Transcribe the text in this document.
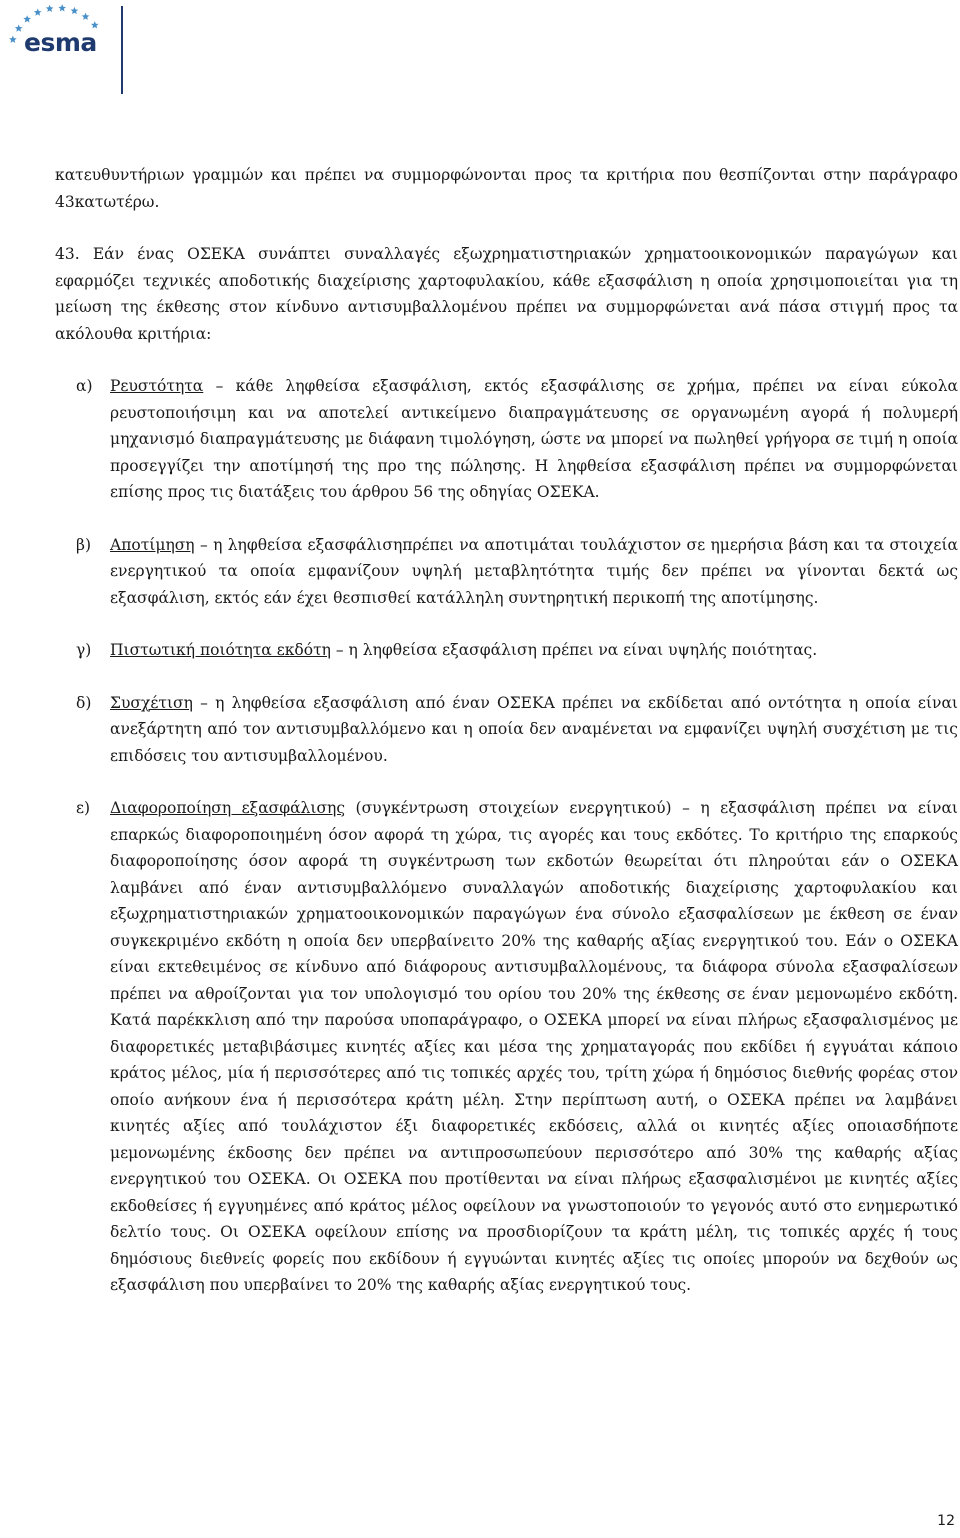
esma

κατευθυντήριων γραμμών και πρέπει να συμμορφώνονται προς τα κριτήρια που θεσπίζονται στην παράγραφο 43κατωτέρω.

43. Εάν ένας ΟΣΕΚΑ συνάπτει συναλλαγές εξωχρηματιστηριακών χρηματοοικονομικών παραγώγων και εφαρμόζει τεχνικές αποδοτικής διαχείρισης χαρτοφυλακίου, κάθε εξασφάλιση η οποία χρησιμοποιείται για τη μείωση της έκθεσης στον κίνδυνο αντισυμβαλλομένου πρέπει να συμμορφώνεται ανά πάσα στιγμή προς τα ακόλουθα κριτήρια:

α) Ρευστότητα – κάθε ληφθείσα εξασφάλιση, εκτός εξασφάλισης σε χρήμα, πρέπει να είναι εύκολα ρευστοποιήσιμη και να αποτελεί αντικείμενο διαπραγμάτευσης σε οργανωμένη αγορά ή πολυμερή μηχανισμό διαπραγμάτευσης με διάφανη τιμολόγηση, ώστε να μπορεί να πωληθεί γρήγορα σε τιμή η οποία προσεγγίζει την αποτίμησή της προ της πώλησης. Η ληφθείσα εξασφάλιση πρέπει να συμμορφώνεται επίσης προς τις διατάξεις του άρθρου 56 της οδηγίας ΟΣΕΚΑ.
β) Αποτίμηση – η ληφθείσα εξασφάλισηπρέπει να αποτιμάται τουλάχιστον σε ημερήσια βάση και τα στοιχεία ενεργητικού τα οποία εμφανίζουν υψηλή μεταβλητότητα τιμής δεν πρέπει να γίνονται δεκτά ως εξασφάλιση, εκτός εάν έχει θεσπισθεί κατάλληλη συντηρητική περικοπή της αποτίμησης.
γ) Πιστωτική ποιότητα εκδότη – η ληφθείσα εξασφάλιση πρέπει να είναι υψηλής ποιότητας.
δ) Συσχέτιση – η ληφθείσα εξασφάλιση από έναν ΟΣΕΚΑ πρέπει να εκδίδεται από οντότητα η οποία είναι ανεξάρτητη από τον αντισυμβαλλόμενο και η οποία δεν αναμένεται να εμφανίζει υψηλή συσχέτιση με τις επιδόσεις του αντισυμβαλλομένου.
ε) Διαφοροποίηση εξασφάλισης (συγκέντρωση στοιχείων ενεργητικού) – η εξασφάλιση πρέπει να είναι επαρκώς διαφοροποιημένη όσον αφορά τη χώρα, τις αγορές και τους εκδότες. Το κριτήριο της επαρκούς διαφοροποίησης όσον αφορά τη συγκέντρωση των εκδοτών θεωρείται ότι πληρούται εάν ο ΟΣΕΚΑ λαμβάνει από έναν αντισυμβαλλόμενο συναλλαγών αποδοτικής διαχείρισης χαρτοφυλακίου και εξωχρηματιστηριακών χρηματοοικονομικών παραγώγων ένα σύνολο εξασφαλίσεων με έκθεση σε έναν συγκεκριμένο εκδότη η οποία δεν υπερβαίνειτο 20% της καθαρής αξίας ενεργητικού του. Εάν ο ΟΣΕΚΑ είναι εκτεθειμένος σε κίνδυνο από διάφορους αντισυμβαλλομένους, τα διάφορα σύνολα εξασφαλίσεων πρέπει να αθροίζονται για τον υπολογισμό του ορίου του 20% της έκθεσης σε έναν μεμονωμένο εκδότη. Κατά παρέκκλιση από την παρούσα υποπαράγραφο, ο ΟΣΕΚΑ μπορεί να είναι πλήρως εξασφαλισμένος με διαφορετικές μεταβιβάσιμες κινητές αξίες και μέσα της χρηματαγοράς που εκδίδει ή εγγυάται κάποιο κράτος μέλος, μία ή περισσότερες από τις τοπικές αρχές του, τρίτη χώρα ή δημόσιος διεθνής φορέας στον οποίο ανήκουν ένα ή περισσότερα κράτη μέλη. Στην περίπτωση αυτή, ο ΟΣΕΚΑ πρέπει να λαμβάνει κινητές αξίες από τουλάχιστον έξι διαφορετικές εκδόσεις, αλλά οι κινητές αξίες οποιασδήποτε μεμονωμένης έκδοσης δεν πρέπει να αντιπροσωπεύουν περισσότερο από 30% της καθαρής αξίας ενεργητικού του ΟΣΕΚΑ. Οι ΟΣΕΚΑ που προτίθενται να είναι πλήρως εξασφαλισμένοι με κινητές αξίες εκδοθείσες ή εγγυημένες από κράτος μέλος οφείλουν να γνωστοποιούν το γεγονός αυτό στο ενημερωτικό δελτίο τους. Οι ΟΣΕΚΑ οφείλουν επίσης να προσδιορίζουν τα κράτη μέλη, τις τοπικές αρχές ή τους δημόσιους διεθνείς φορείς που εκδίδουν ή εγγυώνται κινητές αξίες τις οποίες μπορούν να δεχθούν ως εξασφάλιση που υπερβαίνει το 20% της καθαρής αξίας ενεργητικού τους.
12
